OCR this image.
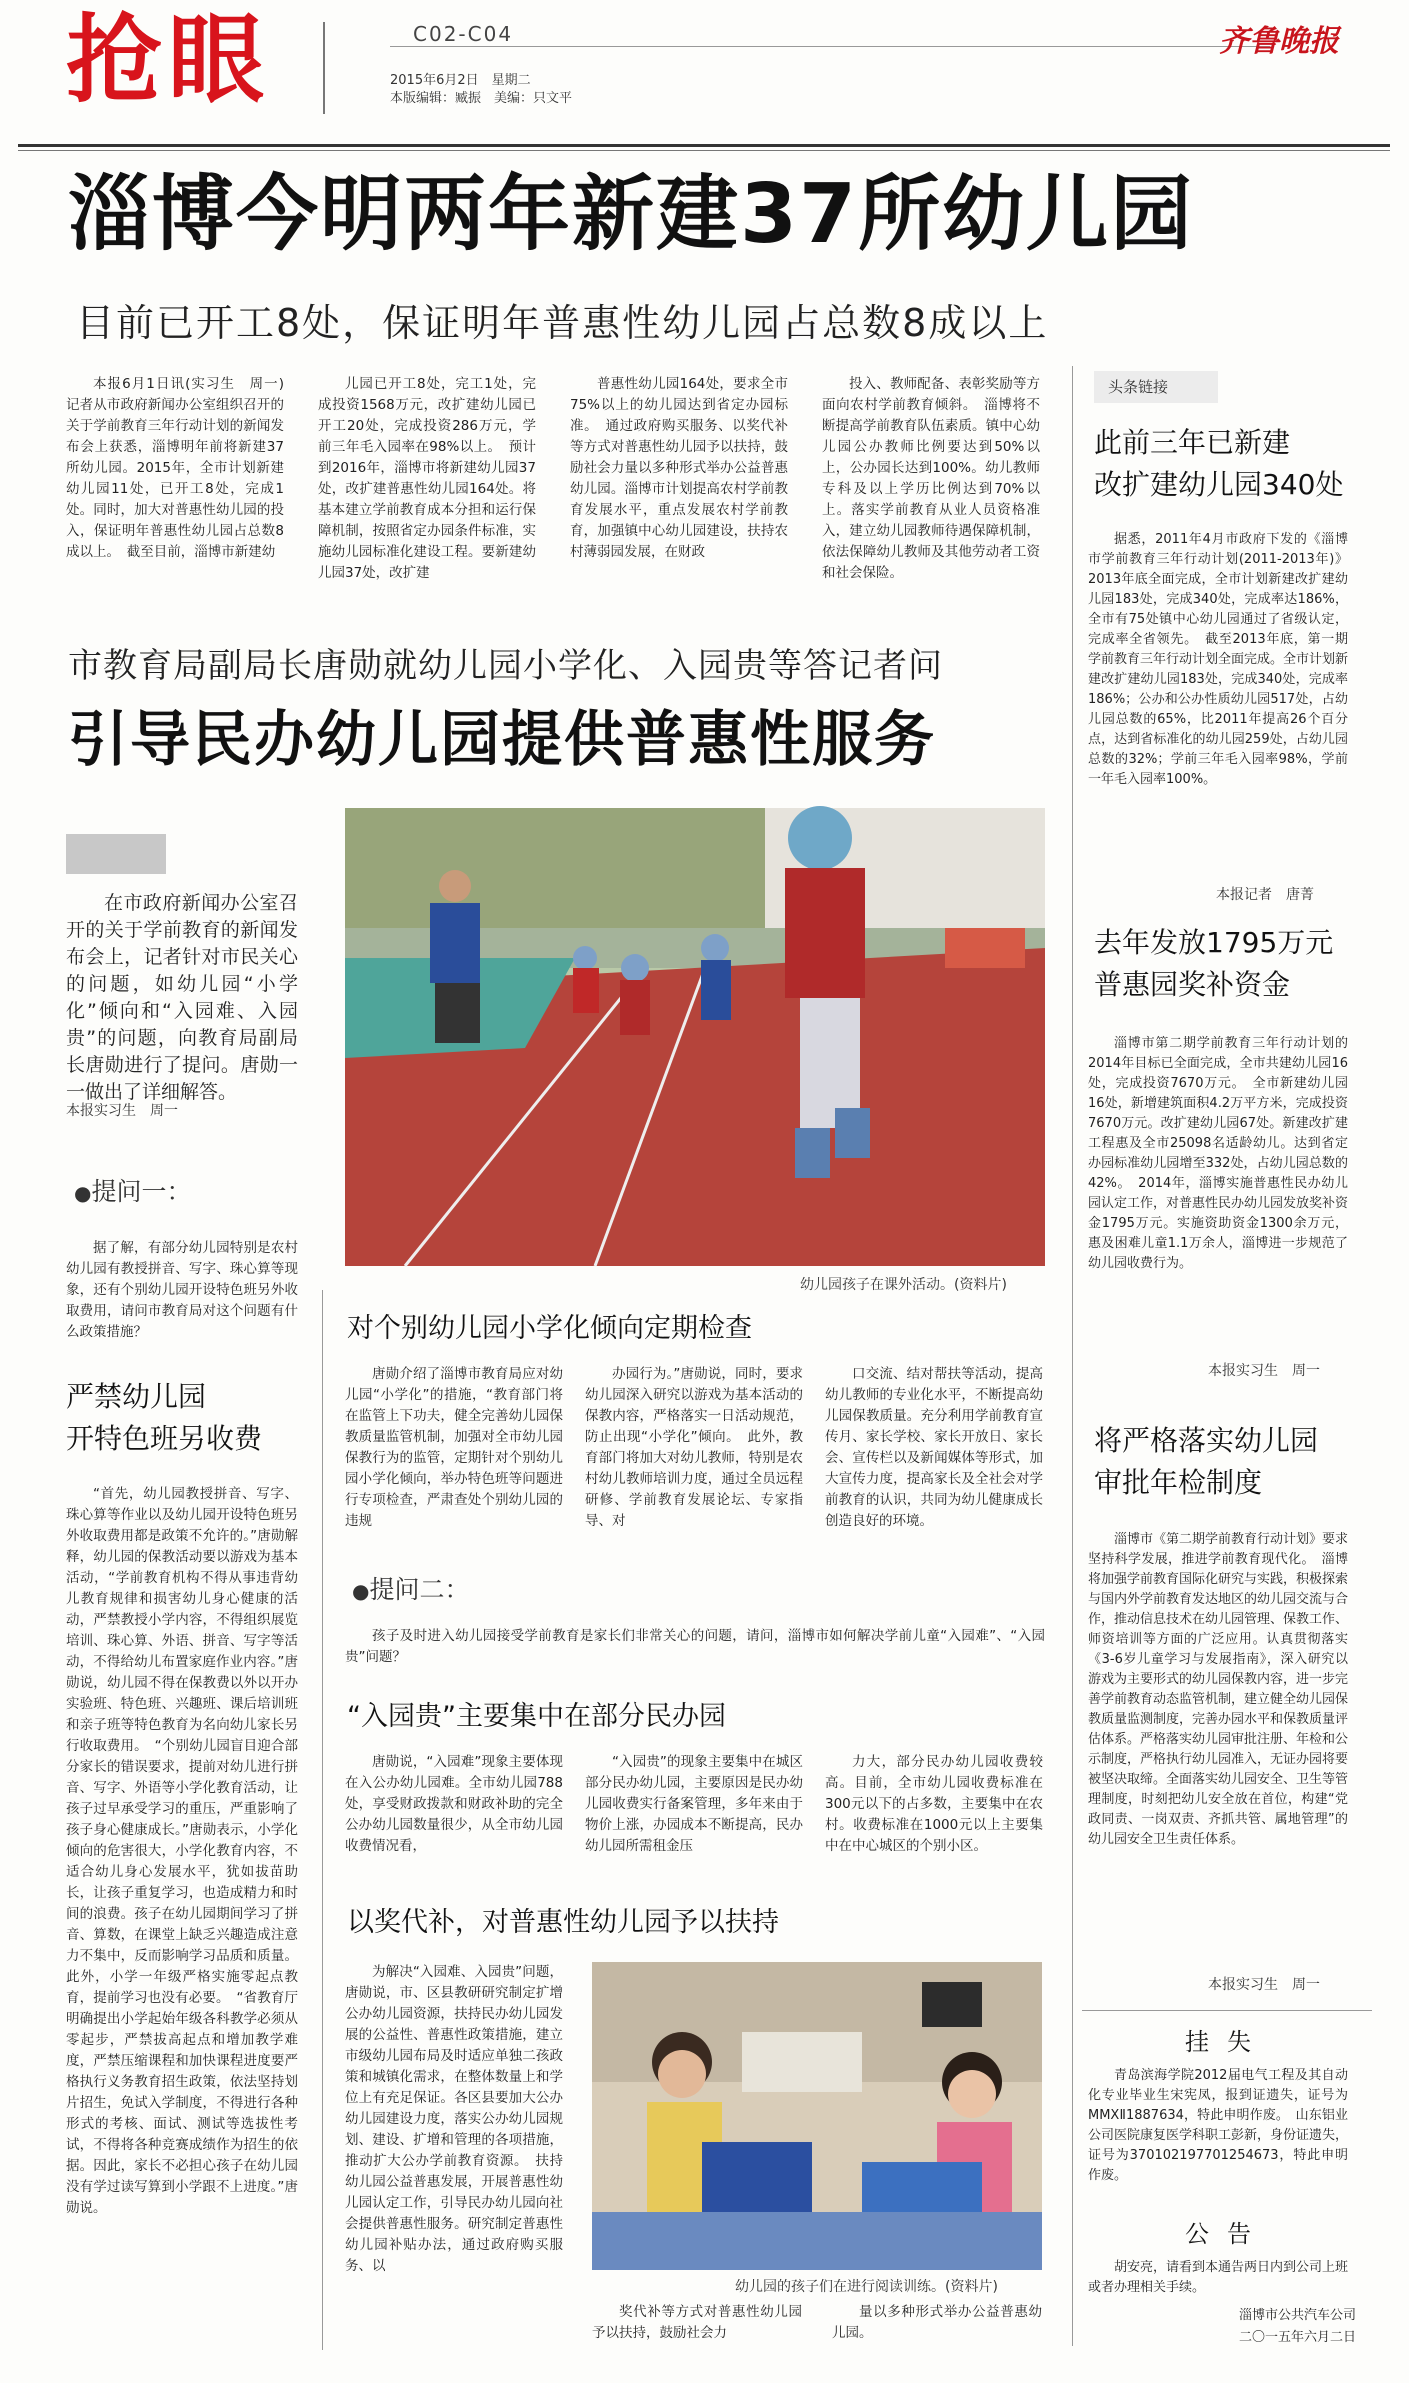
抢眼	C02-C04
2015年6月2日　星期二
本版编辑：臧振　美编：只文平
齐鲁晚报
淄博今明两年新建37所幼儿园
目前已开工8处，保证明年普惠性幼儿园占总数8成以上

本报6月1日讯(实习生　周一)　记者从市政府新闻办公室组织召开的关于学前教育三年行动计划的新闻发布会上获悉，淄博明年前将新建37所幼儿园。2015年，全市计划新建幼儿园11处，已开工8处，完成1处。同时，加大对普惠性幼儿园的投入，保证明年普惠性幼儿园占总数8成以上。　截至目前，淄博市新建幼

儿园已开工8处，完工1处，完成投资1568万元，改扩建幼儿园已开工20处，完成投资286万元，学前三年毛入园率在98%以上。　预计到2016年，淄博市将新建幼儿园37处，改扩建普惠性幼儿园164处。将基本建立学前教育成本分担和运行保障机制，按照省定办园条件标准，实施幼儿园标准化建设工程。要新建幼儿园37处，改扩建

普惠性幼儿园164处，要求全市75%以上的幼儿园达到省定办园标准。　通过政府购买服务、以奖代补等方式对普惠性幼儿园予以扶持，鼓励社会力量以多种形式举办公益普惠幼儿园。淄博市计划提高农村学前教育发展水平，重点发展农村学前教育，加强镇中心幼儿园建设，扶持农村薄弱园发展，在财政

投入、教师配备、表彰奖励等方面向农村学前教育倾斜。　淄博将不断提高学前教育队伍素质。镇中心幼儿园公办教师比例要达到50%以上，公办园长达到100%。幼儿教师专科及以上学历比例达到70%以上。落实学前教育从业人员资格准入，建立幼儿园教师待遇保障机制，依法保障幼儿教师及其他劳动者工资和社会保险。

市教育局副局长唐勋就幼儿园小学化、入园贵等答记者问
引导民办幼儿园提供普惠性服务

在市政府新闻办公室召开的关于学前教育的新闻发布会上，记者针对市民关心的问题，如幼儿园“小学化”倾向和“入园难、入园贵”的问题，向教育局副局长唐勋进行了提问。唐勋一一做出了详细解答。

本报实习生　周一
幼儿园孩子在课外活动。(资料片)
●提问一：

据了解，有部分幼儿园特别是农村幼儿园有教授拼音、写字、珠心算等现象，还有个别幼儿园开设特色班另外收取费用，请问市教育局对这个问题有什么政策措施？

严禁幼儿园
开特色班另收费

“首先，幼儿园教授拼音、写字、珠心算等作业以及幼儿园开设特色班另外收取费用都是政策不允许的。”唐勋解释，幼儿园的保教活动要以游戏为基本活动，“学前教育机构不得从事违背幼儿教育规律和损害幼儿身心健康的活动，严禁教授小学内容，不得组织展览培训、珠心算、外语、拼音、写字等活动，不得给幼儿布置家庭作业内容。”唐勋说，幼儿园不得在保教费以外以开办实验班、特色班、兴趣班、课后培训班和亲子班等特色教育为名向幼儿家长另行收取费用。　“个别幼儿园盲目迎合部分家长的错误要求，提前对幼儿进行拼音、写字、外语等小学化教育活动，让孩子过早承受学习的重压，严重影响了孩子身心健康成长。”唐勋表示，小学化倾向的危害很大，小学化教育内容，不适合幼儿身心发展水平，犹如拔苗助长，让孩子重复学习，也造成精力和时间的浪费。孩子在幼儿园期间学习了拼音、算数，在课堂上缺乏兴趣造成注意力不集中，反而影响学习品质和质量。此外，小学一年级严格实施零起点教育，提前学习也没有必要。　“省教育厅明确提出小学起始年级各科教学必须从零起步，严禁拔高起点和增加教学难度，严禁压缩课程和加快课程进度要严格执行义务教育招生政策，依法坚持划片招生，免试入学制度，不得进行各种形式的考核、面试、测试等选拔性考试，不得将各种竞赛成绩作为招生的依据。因此，家长不必担心孩子在幼儿园没有学过读写算到小学跟不上进度。”唐勋说。

对个别幼儿园小学化倾向定期检查

唐勋介绍了淄博市教育局应对幼儿园“小学化”的措施，“教育部门将在监管上下功夫，健全完善幼儿园保教质量监管机制，加强对全市幼儿园保教行为的监管，定期针对个别幼儿园小学化倾向，举办特色班等问题进行专项检查，严肃查处个别幼儿园的违规

办园行为。”唐勋说，同时，要求幼儿园深入研究以游戏为基本活动的保教内容，严格落实一日活动规范，防止出现“小学化”倾向。　此外，教育部门将加大对幼儿教师，特别是农村幼儿教师培训力度，通过全员远程研修、学前教育发展论坛、专家指导、对

口交流、结对帮扶等活动，提高幼儿教师的专业化水平，不断提高幼儿园保教质量。充分利用学前教育宣传月、家长学校、家长开放日、家长会、宣传栏以及新闻媒体等形式，加大宣传力度，提高家长及全社会对学前教育的认识，共同为幼儿健康成长创造良好的环境。

●提问二：

孩子及时进入幼儿园接受学前教育是家长们非常关心的问题，请问，淄博市如何解决学前儿童“入园难”、“入园贵”问题？

“入园贵”主要集中在部分民办园

唐勋说，“入园难”现象主要体现在入公办幼儿园难。全市幼儿园788处，享受财政拨款和财政补助的完全公办幼儿园数量很少，从全市幼儿园收费情况看，

“入园贵”的现象主要集中在城区部分民办幼儿园，主要原因是民办幼儿园收费实行备案管理，多年来由于物价上涨，办园成本不断提高，民办幼儿园所需租金压

力大，部分民办幼儿园收费较高。目前，全市幼儿园收费标准在300元以下的占多数，主要集中在农村。收费标准在1000元以上主要集中在中心城区的个别小区。

以奖代补，对普惠性幼儿园予以扶持

为解决“入园难、入园贵”问题，唐勋说，市、区县教研研究制定扩增公办幼儿园资源，扶持民办幼儿园发展的公益性、普惠性政策措施，建立市级幼儿园布局及时适应单独二孩政策和城镇化需求，在整体数量上和学位上有充足保证。各区县要加大公办幼儿园建设力度，落实公办幼儿园规划、建设、扩增和管理的各项措施，推动扩大公办学前教育资源。　扶持幼儿园公益普惠发展，开展普惠性幼儿园认定工作，引导民办幼儿园向社会提供普惠性服务。研究制定普惠性幼儿园补贴办法，通过政府购买服务、以

幼儿园的孩子们在进行阅读训练。(资料片)

奖代补等方式对普惠性幼儿园予以扶持，鼓励社会力

量以多种形式举办公益普惠幼儿园。

头条链接
此前三年已新建
改扩建幼儿园340处

据悉，2011年4月市政府下发的《淄博市学前教育三年行动计划(2011-2013年)》2013年底全面完成，全市计划新建改扩建幼儿园183处，完成340处，完成率达186%，全市有75处镇中心幼儿园通过了省级认定，完成率全省领先。　截至2013年底，第一期学前教育三年行动计划全面完成。全市计划新建改扩建幼儿园183处，完成340处，完成率186%；公办和公办性质幼儿园517处，占幼儿园总数的65%，比2011年提高26个百分点，达到省标准化的幼儿园259处，占幼儿园总数的32%；学前三年毛入园率98%，学前一年毛入园率100%。

本报记者　唐菁
去年发放1795万元
普惠园奖补资金

淄博市第二期学前教育三年行动计划的2014年目标已全面完成，全市共建幼儿园16处，完成投资7670万元。　全市新建幼儿园16处，新增建筑面积4.2万平方米，完成投资7670万元。改扩建幼儿园67处。新建改扩建工程惠及全市25098名适龄幼儿。达到省定办园标准幼儿园增至332处，占幼儿园总数的42%。　2014年，淄博实施普惠性民办幼儿园认定工作，对普惠性民办幼儿园发放奖补资金1795万元。实施资助资金1300余万元，惠及困难儿童1.1万余人，淄博进一步规范了幼儿园收费行为。

本报实习生　周一
将严格落实幼儿园
审批年检制度

淄博市《第二期学前教育行动计划》要求坚持科学发展，推进学前教育现代化。　淄博将加强学前教育国际化研究与实践，积极探索与国内外学前教育发达地区的幼儿园交流与合作，推动信息技术在幼儿园管理、保教工作、师资培训等方面的广泛应用。认真贯彻落实《3-6岁儿童学习与发展指南》，深入研究以游戏为主要形式的幼儿园保教内容，进一步完善学前教育动态监管机制，建立健全幼儿园保教质量监测制度，完善办园水平和保教质量评估体系。严格落实幼儿园审批注册、年检和公示制度，严格执行幼儿园准入，无证办园将要被坚决取缔。全面落实幼儿园安全、卫生等管理制度，时刻把幼儿安全放在首位，构建“党政同责、一岗双责、齐抓共管、属地管理”的幼儿园安全卫生责任体系。

本报实习生　周一
挂失

青岛滨海学院2012届电气工程及其自动化专业毕业生宋宪凤，报到证遗失，证号为MMXⅡ1887634，特此申明作废。　山东铝业公司医院康复医学科职工彭新，身份证遗失，证号为370102197701254673，特此申明作废。

公告

胡安亮，请看到本通告两日内到公司上班或者办理相关手续。

淄博市公共汽车公司
二〇一五年六月二日
